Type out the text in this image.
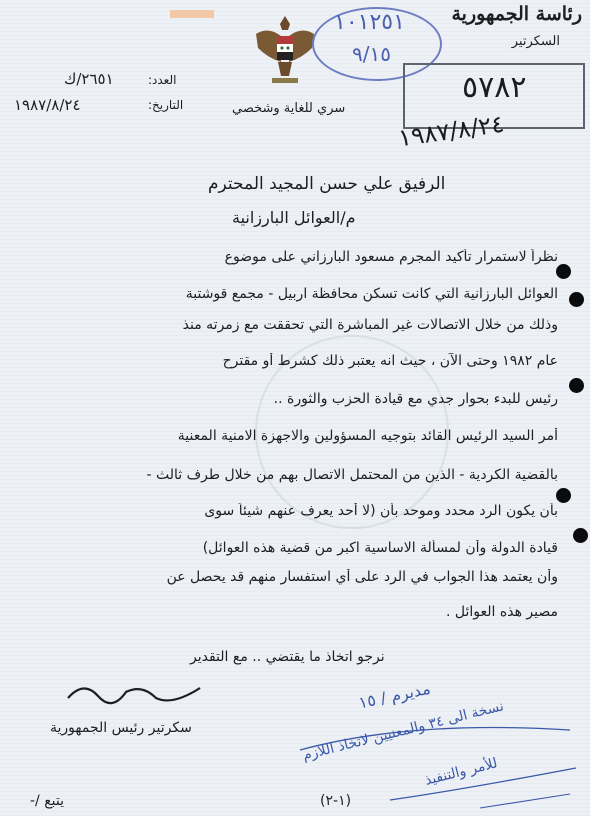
رئاسة الجمهورية
السكرتير
سري للغاية وشخصي
العدد:
٢٦٥١/ك
التاريخ:
١٩٨٧/٨/٢٤
١٠١٢٥١
٩/١٥
٥٧٨٢
١٩٨٧/٨/٢٤
الرفيق علي حسن المجيد المحترم
م/العوائل البارزانية
نظراً لاستمرار تأكيد المجرم مسعود البارزاني على موضوع
العوائل البارزانية التي كانت تسكن محافظة اربيل - مجمع قوشتبة
وذلك من خلال الاتصالات غير المباشرة التي تحققت مع زمرته منذ
عام ١٩٨٢ وحتى الآن ، حيث انه يعتبر ذلك كشرط أو مقترح
رئيس للبدء بحوار جدي مع قيادة الحزب والثورة ..
أمر السيد الرئيس القائد بتوجيه المسؤولين والاجهزة الامنية المعنية
بالقضية الكردية - الذين من المحتمل الاتصال بهم من خلال طرف ثالث -
بأن يكون الرد محدد وموحد بأن (لا أحد يعرف عنهم شيئاً سوى
قيادة الدولة وأن لمسألة الاساسية اكبر من قضية هذه العوائل)
وأن يعتمد هذا الجواب في الرد على أي استفسار منهم قد يحصل عن
مصير هذه العوائل .
نرجو اتخاذ ما يقتضي .. مع التقدير
سكرتير رئيس الجمهورية
مديرم / ١٥
نسخة الى ٣٤ والمعنيين لاتخاذ اللازم
للأمر والتنفيذ
يتبع /-	(١-٢)
